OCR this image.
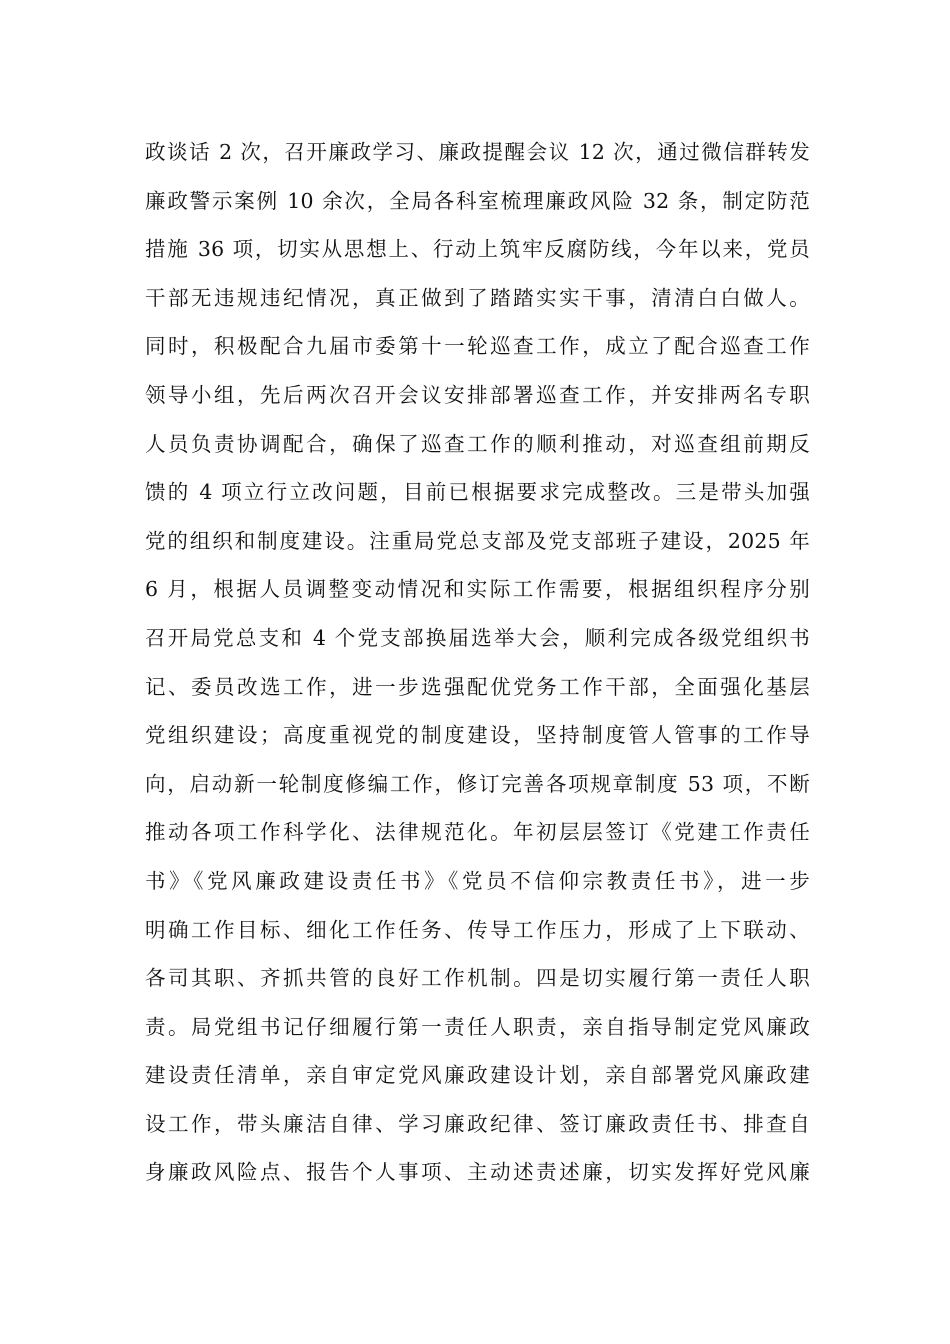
政谈话 2 次，召开廉政学习、廉政提醒会议 12 次，通过微信群转发
廉政警示案例 10 余次，全局各科室梳理廉政风险 32 条，制定防范
措施 36 项，切实从思想上、行动上筑牢反腐防线，今年以来，党员
干部无违规违纪情况，真正做到了踏踏实实干事，清清白白做人。
同时，积极配合九届市委第十一轮巡查工作，成立了配合巡查工作
领导小组，先后两次召开会议安排部署巡查工作，并安排两名专职
人员负责协调配合，确保了巡查工作的顺利推动，对巡查组前期反
馈的 4 项立行立改问题，目前已根据要求完成整改。三是带头加强
党的组织和制度建设。注重局党总支部及党支部班子建设，2025 年
6 月，根据人员调整变动情况和实际工作需要，根据组织程序分别
召开局党总支和 4 个党支部换届选举大会，顺利完成各级党组织书
记、委员改选工作，进一步选强配优党务工作干部，全面强化基层
党组织建设；高度重视党的制度建设，坚持制度管人管事的工作导
向，启动新一轮制度修编工作，修订完善各项规章制度 53 项，不断
推动各项工作科学化、法律规范化。年初层层签订《党建工作责任
书》《党风廉政建设责任书》《党员不信仰宗教责任书》，进一步
明确工作目标、细化工作任务、传导工作压力，形成了上下联动、
各司其职、齐抓共管的良好工作机制。四是切实履行第一责任人职
责。局党组书记仔细履行第一责任人职责，亲自指导制定党风廉政
建设责任清单，亲自审定党风廉政建设计划，亲自部署党风廉政建
设工作，带头廉洁自律、学习廉政纪律、签订廉政责任书、排查自
身廉政风险点、报告个人事项、主动述责述廉，切实发挥好党风廉
